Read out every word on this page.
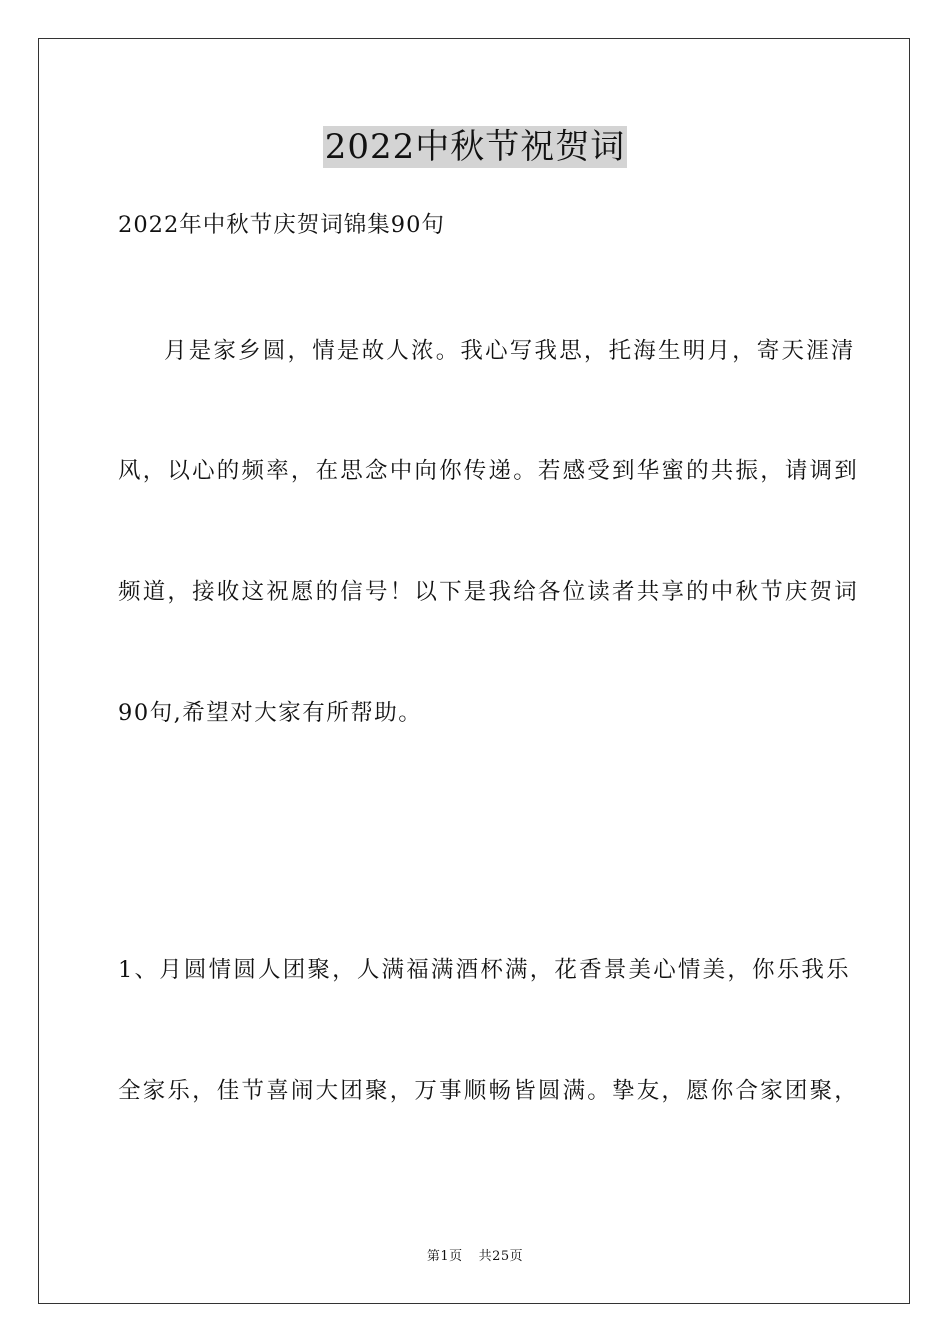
2022中秋节祝贺词
2022年中秋节庆贺词锦集90句
月是家乡圆，情是故人浓。我心写我思，托海生明月，寄天涯清
风，以心的频率，在思念中向你传递。若感受到华蜜的共振，请调到
频道，接收这祝愿的信号！以下是我给各位读者共享的中秋节庆贺词
90句,希望对大家有所帮助。
1、月圆情圆人团聚，人满福满酒杯满，花香景美心情美，你乐我乐
全家乐，佳节喜闹大团聚，万事顺畅皆圆满。挚友，愿你合家团聚，
第1页 共25页
